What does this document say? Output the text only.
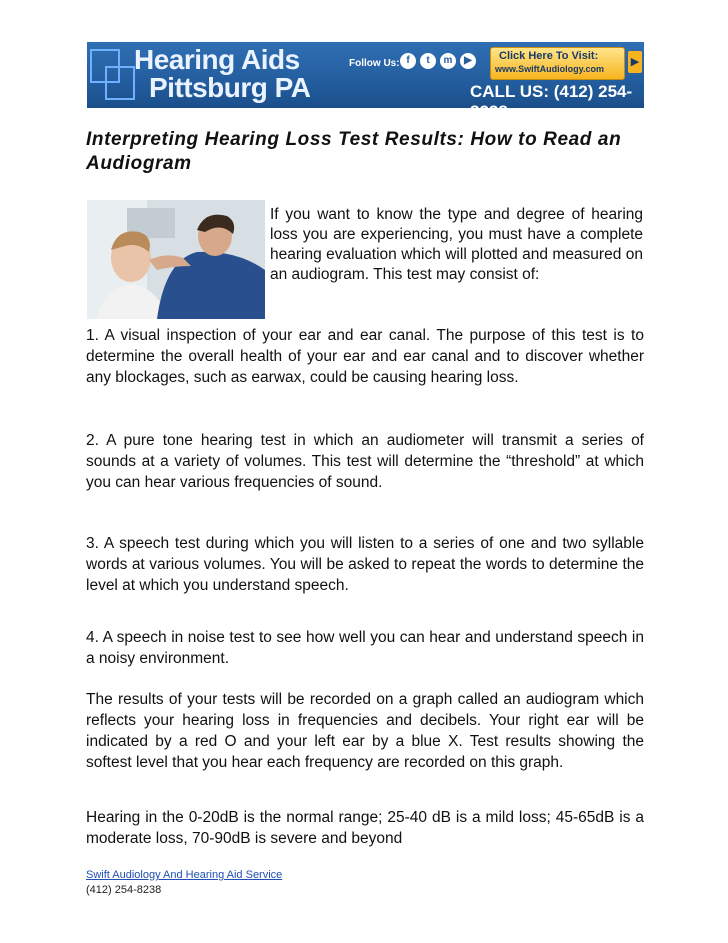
Hearing Aids
Pittsburg PA
Follow Us: f	t	m	▶	Click Here To Visit:
www.SwiftAudiology.com
▶
CALL US: (412) 254-8238
Interpreting Hearing Loss Test Results: How to Read an Audiogram

If you want to know the type and degree of hearing loss you are experiencing, you must have a complete hearing evaluation which will plotted and measured on an audiogram. This test may consist of:

1. A visual inspection of your ear and ear canal. The purpose of this test is to determine the overall health of your ear and ear canal and to discover whether any blockages, such as earwax, could be causing hearing loss.

2. A pure tone hearing test in which an audiometer will transmit a series of sounds at a variety of volumes. This test will determine the “threshold” at which you can hear various frequencies of sound.

3. A speech test during which you will listen to a series of one and two syllable words at various volumes. You will be asked to repeat the words to determine the level at which you understand speech.

4. A speech in noise test to see how well you can hear and understand speech in a noisy environment.

The results of your tests will be recorded on a graph called an audiogram which reflects your hearing loss in frequencies and decibels. Your right ear will be indicated by a red O and your left ear by a blue X. Test results showing the softest level that you hear each frequency are recorded on this graph.

Hearing in the 0-20dB is the normal range; 25-40 dB is a mild loss; 45-65dB is a moderate loss, 70-90dB is severe and beyond

Swift Audiology And Hearing Aid Service
(412) 254-8238
